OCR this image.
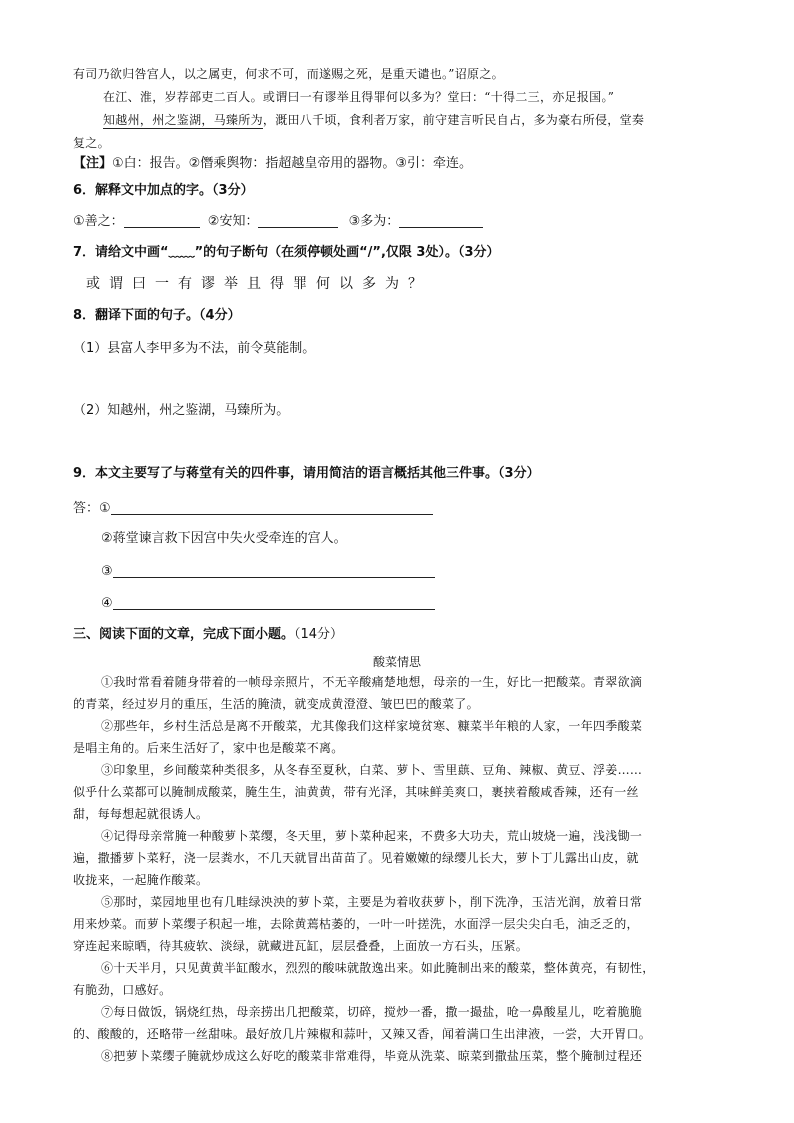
有司乃欲归咎宫人，以之属吏，何求不可，而遂赐之死，是重天谴也。”诏原之。
在江、淮，岁荐部吏二百人。或谓曰一有谬举且得罪何以多为？堂曰：“十得二三，亦足报国。”
知越州，州之鉴湖，马臻所为，溉田八千顷，食利者万家，前守建言听民自占，多为豪右所侵，堂奏
复之。
【注】①白：报告。②僭乘舆物：指超越皇帝用的器物。③引：牵连。
6．解释文中加点的字。（3分）
①善之：	②安知：	③多为：
7．请给文中画“﹏﹏”的句子断句（在须停顿处画“/”,仅限 3处）。（3分）
或谓曰一有谬举且得罪何以多为？
8．翻译下面的句子。（4分）
（1）县富人李甲多为不法，前令莫能制。
（2）知越州，州之鉴湖，马臻所为。
9．本文主要写了与蒋堂有关的四件事，请用简洁的语言概括其他三件事。（3分）
答：①
②蒋堂谏言救下因宫中失火受牵连的宫人。
③
④
三、阅读下面的文章，完成下面小题。（14分）
酸菜情思
①我时常看着随身带着的一帧母亲照片，不无辛酸痛楚地想，母亲的一生，好比一把酸菜。青翠欲滴
的青菜，经过岁月的重压，生活的腌渍，就变成黄澄澄、皱巴巴的酸菜了。
②那些年，乡村生活总是离不开酸菜，尤其像我们这样家境贫寒、糠菜半年粮的人家，一年四季酸菜
是唱主角的。后来生活好了，家中也是酸菜不离。
③印象里，乡间酸菜种类很多，从冬春至夏秋，白菜、萝卜、雪里蕻、豆角、辣椒、黄豆、浮姜……
似乎什么菜都可以腌制成酸菜，腌生生，油黄黄，带有光泽，其味鲜美爽口，裹挟着酸咸香辣，还有一丝
甜，每每想起就很诱人。
④记得母亲常腌一种酸萝卜菜缨，冬天里，萝卜菜种起来，不费多大功夫，荒山坡烧一遍，浅浅锄一
遍，撒播萝卜菜籽，浇一层粪水，不几天就冒出苗苗了。见着嫩嫩的绿缨儿长大，萝卜丁儿露出山皮，就
收拢来，一起腌作酸菜。
⑤那时，菜园地里也有几畦绿泱泱的萝卜菜，主要是为着收获萝卜，削下洗净，玉洁光润，放着日常
用来炒菜。而萝卜菜缨子积起一堆，去除黄蔫枯萎的，一叶一叶搓洗，水面浮一层尖尖白毛，油乏乏的，
穿连起来晾晒，待其疲软、淡绿，就藏进瓦缸，层层叠叠，上面放一方石头，压紧。
⑥十天半月，只见黄黄半缸酸水，烈烈的酸味就散逸出来。如此腌制出来的酸菜，整体黄亮，有韧性，
有脆劲，口感好。
⑦每日做饭，锅烧红热，母亲捞出几把酸菜，切碎，搅炒一番，撒一撮盐，呛一鼻酸星儿，吃着脆脆
的、酸酸的，还略带一丝甜味。最好放几片辣椒和蒜叶，又辣又香，闻着满口生出津液，一尝，大开胃口。
⑧把萝卜菜缨子腌就炒成这么好吃的酸菜非常难得，毕竟从洗菜、晾菜到撒盐压菜，整个腌制过程还
